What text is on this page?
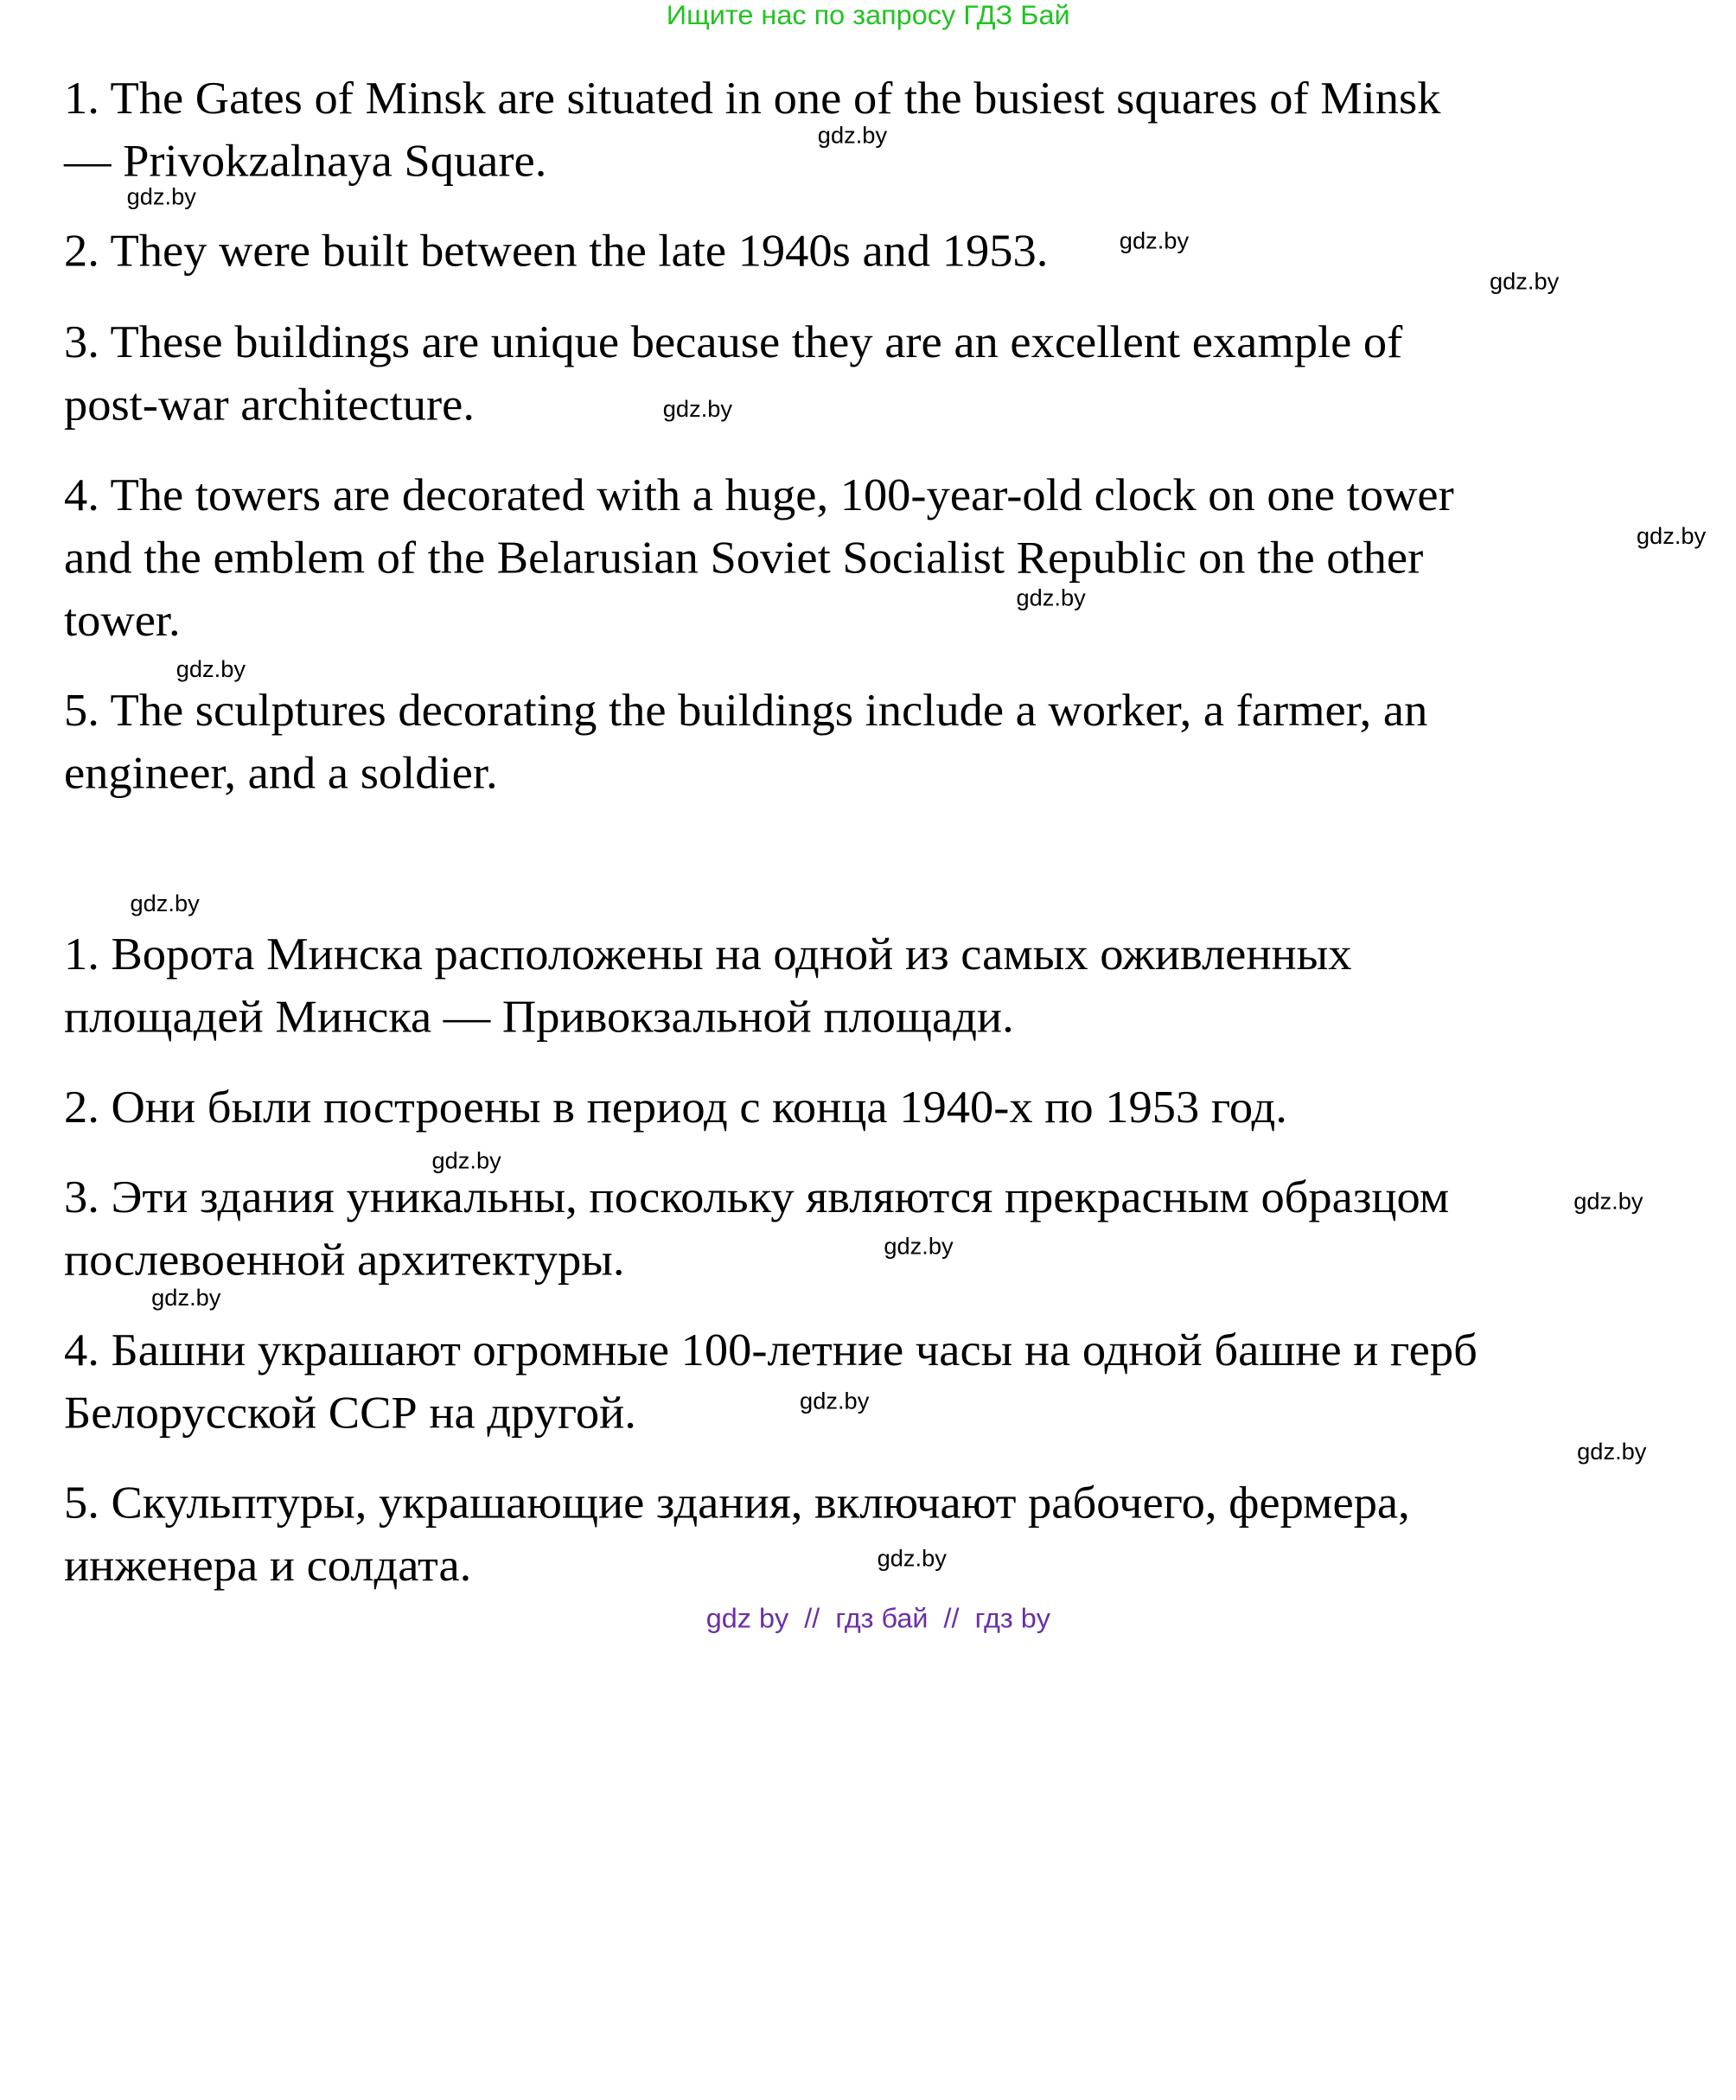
Ищите нас по запросу ГДЗ Бай
1. The Gates of Minsk are situated in one of the busiest squares of Minsk
— Privokzalnaya Square.
2. They were built between the late 1940s and 1953.
3. These buildings are unique because they are an excellent example of
post-war architecture.
4. The towers are decorated with a huge, 100-year-old clock on one tower
and the emblem of the Belarusian Soviet Socialist Republic on the other
tower.
5. The sculptures decorating the buildings include a worker, a farmer, an
engineer, and a soldier.
1. Ворота Минска расположены на одной из самых оживленных
площадей Минска — Привокзальной площади.
2. Они были построены в период с конца 1940-х по 1953 год.
3. Эти здания уникальны, поскольку являются прекрасным образцом
послевоенной архитектуры.
4. Башни украшают огромные 100-летние часы на одной башне и герб
Белорусской ССР на другой.
5. Скульптуры, украшающие здания, включают рабочего, фермера,
инженера и солдата.
gdz.by
gdz.by
gdz.by
gdz.by
gdz.by
gdz.by
gdz.by
gdz.by
gdz.by
gdz.by
gdz.by
gdz.by
gdz.by
gdz.by
gdz.by
gdz.by
gdz by  //  гдз бай  //  гдз by
